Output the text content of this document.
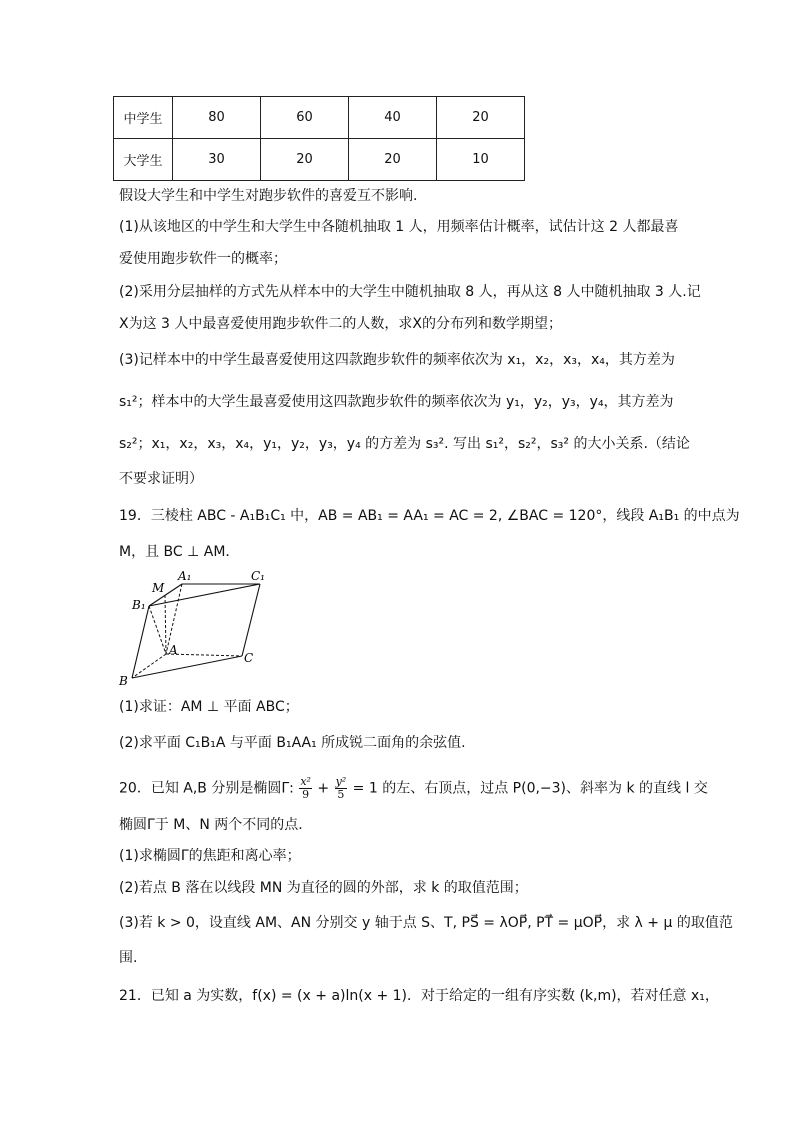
中学生	80	60	40	20
大学生	30	20	20	10
假设大学生和中学生对跑步软件的喜爱互不影响.
(1)从该地区的中学生和大学生中各随机抽取 1 人，用频率估计概率，试估计这 2 人都最喜
爱使用跑步软件一的概率；
(2)采用分层抽样的方式先从样本中的大学生中随机抽取 8 人，再从这 8 人中随机抽取 3 人.记
X为这 3 人中最喜爱使用跑步软件二的人数，求X的分布列和数学期望；
(3)记样本中的中学生最喜爱使用这四款跑步软件的频率依次为 x₁，x₂，x₃，x₄，其方差为
s₁²；样本中的大学生最喜爱使用这四款跑步软件的频率依次为 y₁，y₂，y₃，y₄，其方差为
s₂²；x₁，x₂，x₃，x₄，y₁，y₂，y₃，y₄ 的方差为 s₃². 写出 s₁²，s₂²，s₃² 的大小关系.（结论
不要求证明）
19．三棱柱 ABC - A₁B₁C₁ 中，AB = AB₁ = AA₁ = AC = 2, ∠BAC = 120°，线段 A₁B₁ 的中点为
M，且 BC ⊥ AM．
A₁	C₁
M
B₁
A
C
B
(1)求证：AM ⊥ 平面 ABC；
(2)求平面 C₁B₁A 与平面 B₁AA₁ 所成锐二面角的余弦值.
20．已知 A,B 分别是椭圆Γ: $\frac{\text{x²}}{9} + \frac{\text{y²}}{5} = 1$ 的左、右顶点，过点 P(0,−3)、斜率为 k 的直线 l 交
椭圆Γ于 M、N 两个不同的点.
(1)求椭圆Γ的焦距和离心率；
(2)若点 B 落在以线段 MN 为直径的圆的外部，求 k 的取值范围；
(3)若 k > 0，设直线 AM、AN 分别交 y 轴于点 S、T, PS⃗ = λOP⃗, PT⃗ = μOP⃗，求 λ + μ 的取值范
围.
21．已知 a 为实数，f(x) = (x + a)ln(x + 1)．对于给定的一组有序实数 (k,m)，若对任意 x₁，
